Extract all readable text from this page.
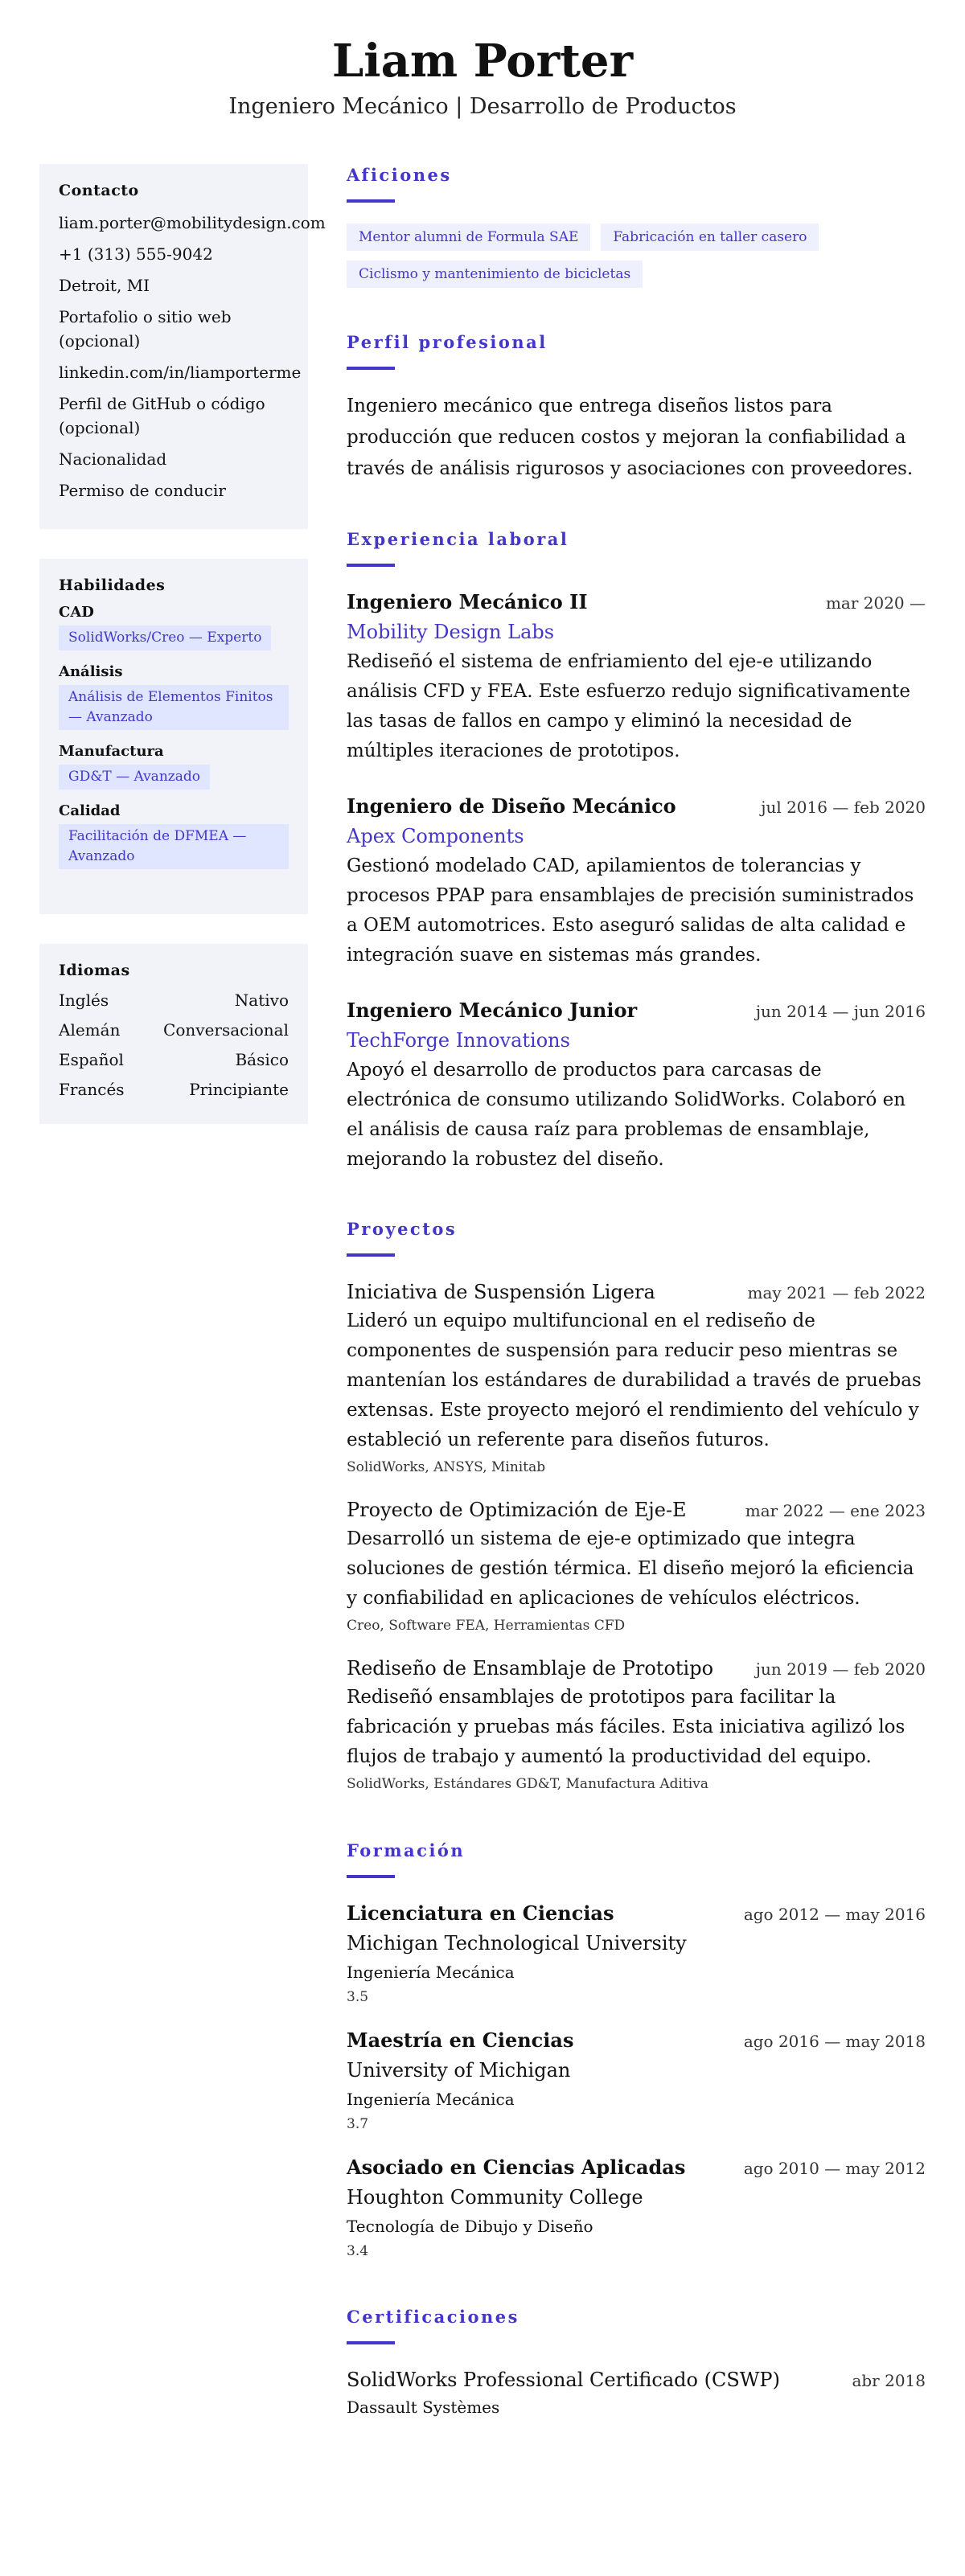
Liam Porter
Ingeniero Mecánico | Desarrollo de Productos
Contacto
liam.porter@mobilitydesign.com
+1 (313) 555-9042
Detroit, MI
Portafolio o sitio web (opcional)
linkedin.com/in/liamporterme
Perfil de GitHub o código (opcional)
Nacionalidad
Permiso de conducir
Habilidades
CAD
SolidWorks/Creo — Experto
Análisis
Análisis de Elementos Finitos — Avanzado
Manufactura
GD&T — Avanzado
Calidad
Facilitación de DFMEA — Avanzado
Idiomas
Inglés	Nativo
Alemán	Conversacional
Español	Básico
Francés	Principiante
Aficiones
Mentor alumni de Formula SAE	Fabricación en taller casero
Ciclismo y mantenimiento de bicicletas
Perfil profesional

Ingeniero mecánico que entrega diseños listos para producción que reducen costos y mejoran la confiabilidad a través de análisis rigurosos y asociaciones con proveedores.

Experiencia laboral
Ingeniero Mecánico II	mar 2020 —
Mobility Design Labs

Rediseñó el sistema de enfriamiento del eje-e utilizando análisis CFD y FEA. Este esfuerzo redujo significativamente las tasas de fallos en campo y eliminó la necesidad de múltiples iteraciones de prototipos.

Ingeniero de Diseño Mecánico	jul 2016 — feb 2020
Apex Components

Gestionó modelado CAD, apilamientos de tolerancias y procesos PPAP para ensamblajes de precisión suministrados a OEM automotrices. Esto aseguró salidas de alta calidad e integración suave en sistemas más grandes.

Ingeniero Mecánico Junior	jun 2014 — jun 2016
TechForge Innovations

Apoyó el desarrollo de productos para carcasas de electrónica de consumo utilizando SolidWorks. Colaboró en el análisis de causa raíz para problemas de ensamblaje, mejorando la robustez del diseño.

Proyectos
Iniciativa de Suspensión Ligera	may 2021 — feb 2022

Lideró un equipo multifuncional en el rediseño de componentes de suspensión para reducir peso mientras se mantenían los estándares de durabilidad a través de pruebas extensas. Este proyecto mejoró el rendimiento del vehículo y estableció un referente para diseños futuros.

SolidWorks, ANSYS, Minitab
Proyecto de Optimización de Eje-E	mar 2022 — ene 2023

Desarrolló un sistema de eje-e optimizado que integra soluciones de gestión térmica. El diseño mejoró la eficiencia y confiabilidad en aplicaciones de vehículos eléctricos.

Creo, Software FEA, Herramientas CFD
Rediseño de Ensamblaje de Prototipo	jun 2019 — feb 2020

Rediseñó ensamblajes de prototipos para facilitar la fabricación y pruebas más fáciles. Esta iniciativa agilizó los flujos de trabajo y aumentó la productividad del equipo.

SolidWorks, Estándares GD&T, Manufactura Aditiva
Formación
Licenciatura en Ciencias	ago 2012 — may 2016
Michigan Technological University
Ingeniería Mecánica
3.5
Maestría en Ciencias	ago 2016 — may 2018
University of Michigan
Ingeniería Mecánica
3.7
Asociado en Ciencias Aplicadas	ago 2010 — may 2012
Houghton Community College
Tecnología de Dibujo y Diseño
3.4
Certificaciones
SolidWorks Professional Certificado (CSWP)	abr 2018
Dassault Systèmes
